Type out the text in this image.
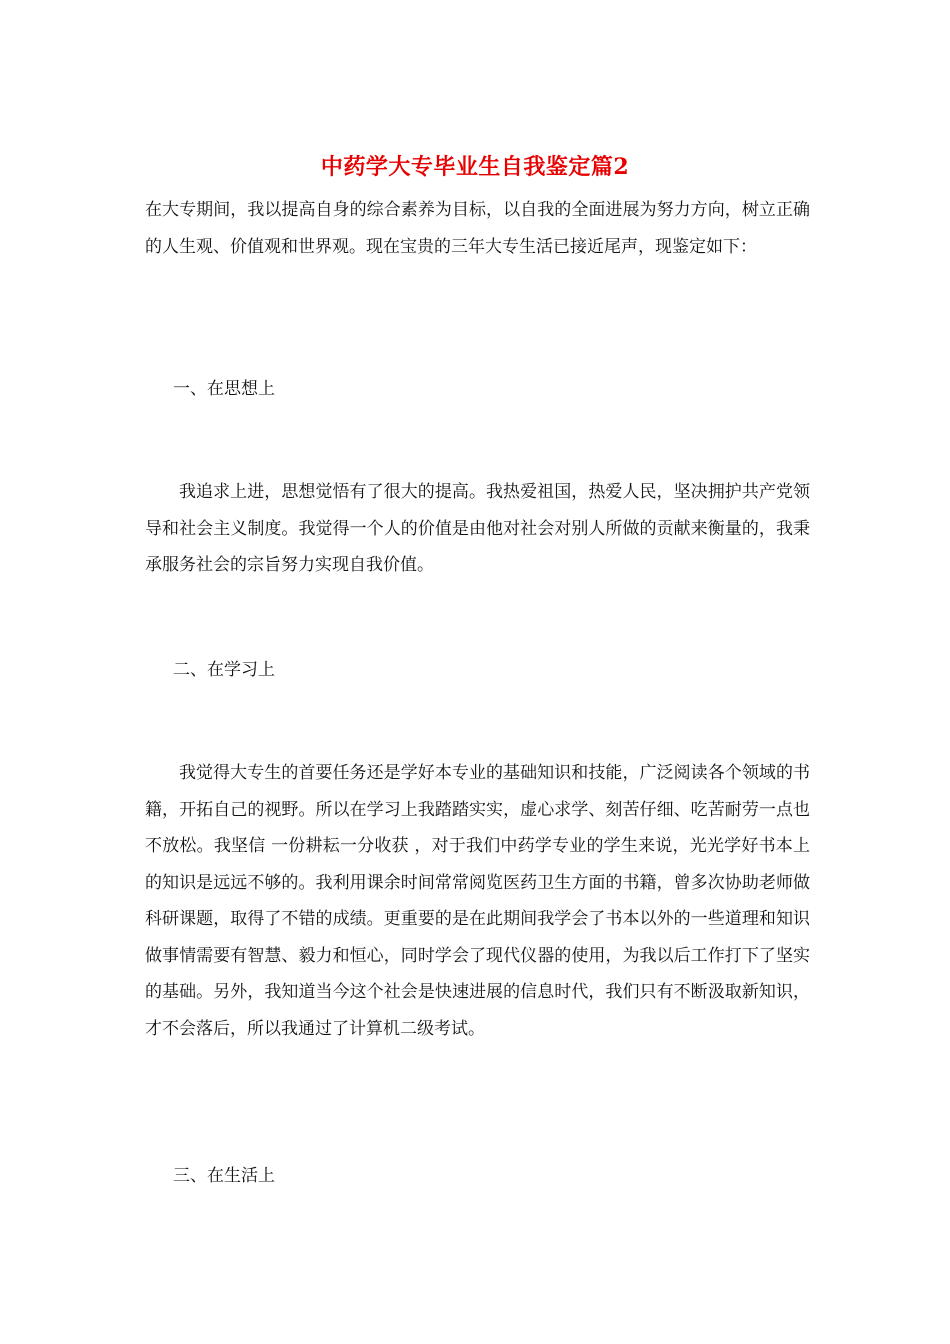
中药学大专毕业生自我鉴定篇2

在大专期间，我以提高自身的综合素养为目标，以自我的全面进展为努力方向，树立正确的人生观、价值观和世界观。现在宝贵的三年大专生活已接近尾声，现鉴定如下：

一、在思想上

我追求上进，思想觉悟有了很大的提高。我热爱祖国，热爱人民，坚决拥护共产党领导和社会主义制度。我觉得一个人的价值是由他对社会对别人所做的贡献来衡量的，我秉承服务社会的宗旨努力实现自我价值。

二、在学习上

我觉得大专生的首要任务还是学好本专业的基础知识和技能，广泛阅读各个领域的书籍，开拓自己的视野。所以在学习上我踏踏实实，虚心求学、刻苦仔细、吃苦耐劳一点也不放松。我坚信 一份耕耘一分收获 ，对于我们中药学专业的学生来说，光光学好书本上的知识是远远不够的。我利用课余时间常常阅览医药卫生方面的书籍，曾多次协助老师做科研课题，取得了不错的成绩。更重要的是在此期间我学会了书本以外的一些道理和知识 做事情需要有智慧、毅力和恒心，同时学会了现代仪器的使用，为我以后工作打下了坚实的基础。另外，我知道当今这个社会是快速进展的信息时代，我们只有不断汲取新知识，才不会落后，所以我通过了计算机二级考试。

三、在生活上
